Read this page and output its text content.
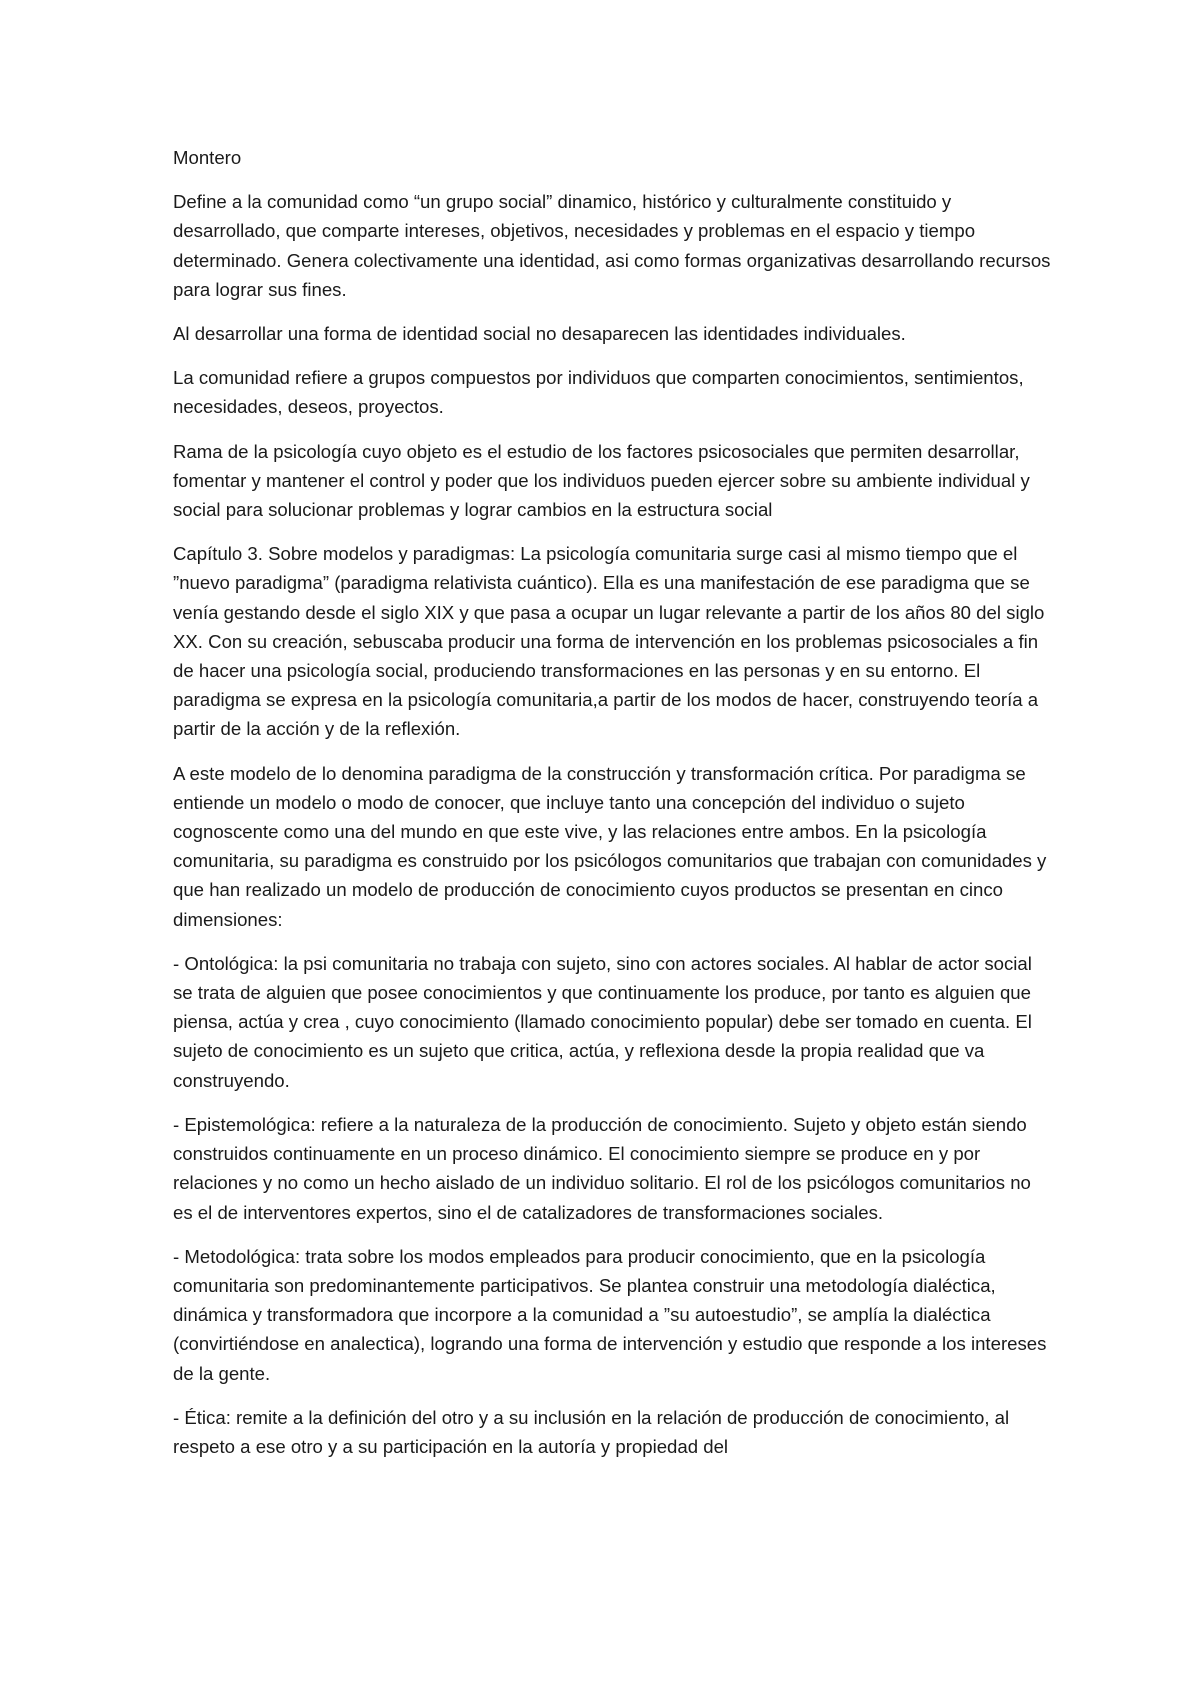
Montero

Define a la comunidad como “un grupo social” dinamico, histórico y culturalmente constituido y desarrollado, que comparte intereses, objetivos, necesidades y problemas en el espacio y tiempo determinado. Genera colectivamente una identidad, asi como formas organizativas desarrollando recursos para lograr sus fines.

Al desarrollar una forma de identidad social no desaparecen las identidades individuales.

La comunidad refiere a grupos compuestos por individuos que comparten conocimientos, sentimientos, necesidades, deseos, proyectos.

Rama de la psicología cuyo objeto es el estudio de los factores psicosociales que permiten desarrollar, fomentar y mantener el control y poder que los individuos pueden ejercer sobre su ambiente individual y social para solucionar problemas y lograr cambios en la estructura social

Capítulo 3. Sobre modelos y paradigmas: La psicología comunitaria surge casi al mismo tiempo que el ”nuevo paradigma” (paradigma relativista cuántico). Ella es una manifestación de ese paradigma que se venía gestando desde el siglo XIX y que pasa a ocupar un lugar relevante a partir de los años 80 del siglo XX. Con su creación, sebuscaba producir una forma de intervención en los problemas psicosociales a fin de hacer una psicología social, produciendo transformaciones en las personas y en su entorno. El paradigma se expresa en la psicología comunitaria,a partir de los modos de hacer, construyendo teoría a partir de la acción y de la reflexión.

A este modelo de lo denomina paradigma de la construcción y transformación crítica. Por paradigma se entiende un modelo o modo de conocer, que incluye tanto una concepción del individuo o sujeto cognoscente como una del mundo en que este vive, y las relaciones entre ambos. En la psicología comunitaria, su paradigma es construido por los psicólogos comunitarios que trabajan con comunidades y que han realizado un modelo de producción de conocimiento cuyos productos se presentan en cinco dimensiones:

- Ontológica: la psi comunitaria no trabaja con sujeto, sino con actores sociales. Al hablar de actor social se trata de alguien que posee conocimientos y que continuamente los produce, por tanto es alguien que piensa, actúa y crea , cuyo conocimiento (llamado conocimiento popular) debe ser tomado en cuenta. El sujeto de conocimiento es un sujeto que critica, actúa, y reflexiona desde la propia realidad que va construyendo.

- Epistemológica: refiere a la naturaleza de la producción de conocimiento. Sujeto y objeto están siendo construidos continuamente en un proceso dinámico. El conocimiento siempre se produce en y por relaciones y no como un hecho aislado de un individuo solitario. El rol de los psicólogos comunitarios no es el de interventores expertos, sino el de catalizadores de transformaciones sociales.

- Metodológica: trata sobre los modos empleados para producir conocimiento, que en la psicología comunitaria son predominantemente participativos. Se plantea construir una metodología dialéctica, dinámica y transformadora que incorpore a la comunidad a ”su autoestudio”, se amplía la dialéctica (convirtiéndose en analectica), logrando una forma de intervención y estudio que responde a los intereses de la gente.

- Ética: remite a la definición del otro y a su inclusión en la relación de producción de conocimiento, al respeto a ese otro y a su participación en la autoría y propiedad del
